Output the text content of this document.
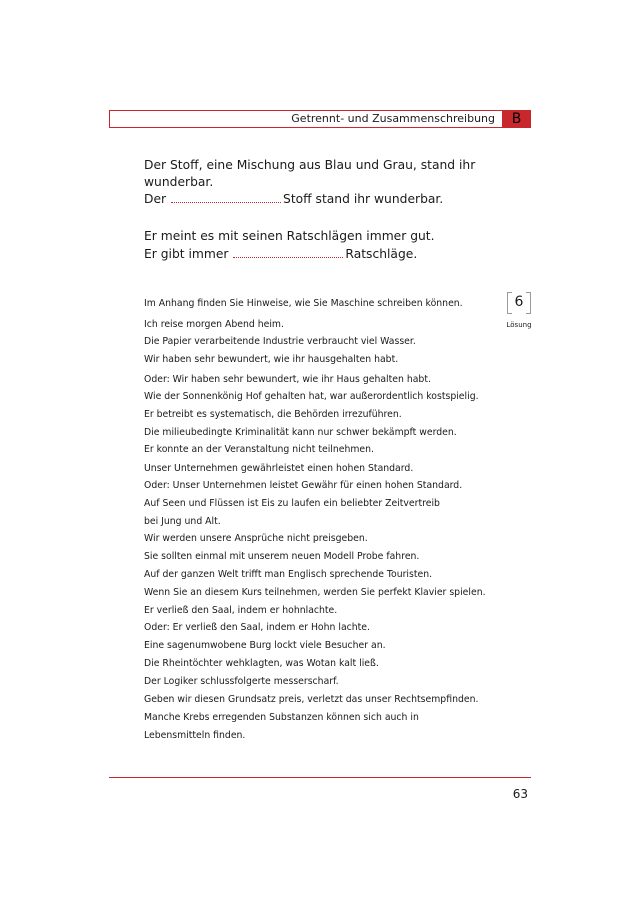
Getrennt- und Zusammenschreibung	B
Der Stoff, eine Mischung aus Blau und Grau, stand ihr
wunderbar.
Der	Stoff stand ihr wunderbar.
Er meint es mit seinen Ratschlägen immer gut.
Er gibt immer	Ratschläge.
6
Lösung
Im Anhang finden Sie Hinweise, wie Sie Maschine schreiben können.
Ich reise morgen Abend heim.
Die Papier verarbeitende Industrie verbraucht viel Wasser.
Wir haben sehr bewundert, wie ihr hausgehalten habt.
Oder: Wir haben sehr bewundert, wie ihr Haus gehalten habt.
Wie der Sonnenkönig Hof gehalten hat, war außerordentlich kostspielig.
Er betreibt es systematisch, die Behörden irrezuführen.
Die milieubedingte Kriminalität kann nur schwer bekämpft werden.
Er konnte an der Veranstaltung nicht teilnehmen.
Unser Unternehmen gewährleistet einen hohen Standard.
Oder: Unser Unternehmen leistet Gewähr für einen hohen Standard.
Auf Seen und Flüssen ist Eis zu laufen ein beliebter Zeitvertreib
bei Jung und Alt.
Wir werden unsere Ansprüche nicht preisgeben.
Sie sollten einmal mit unserem neuen Modell Probe fahren.
Auf der ganzen Welt trifft man Englisch sprechende Touristen.
Wenn Sie an diesem Kurs teilnehmen, werden Sie perfekt Klavier spielen.
Er verließ den Saal, indem er hohnlachte.
Oder: Er verließ den Saal, indem er Hohn lachte.
Eine sagenumwobene Burg lockt viele Besucher an.
Die Rheintöchter wehklagten, was Wotan kalt ließ.
Der Logiker schlussfolgerte messerscharf.
Geben wir diesen Grundsatz preis, verletzt das unser Rechtsempfinden.
Manche Krebs erregenden Substanzen können sich auch in
Lebensmitteln finden.
63
